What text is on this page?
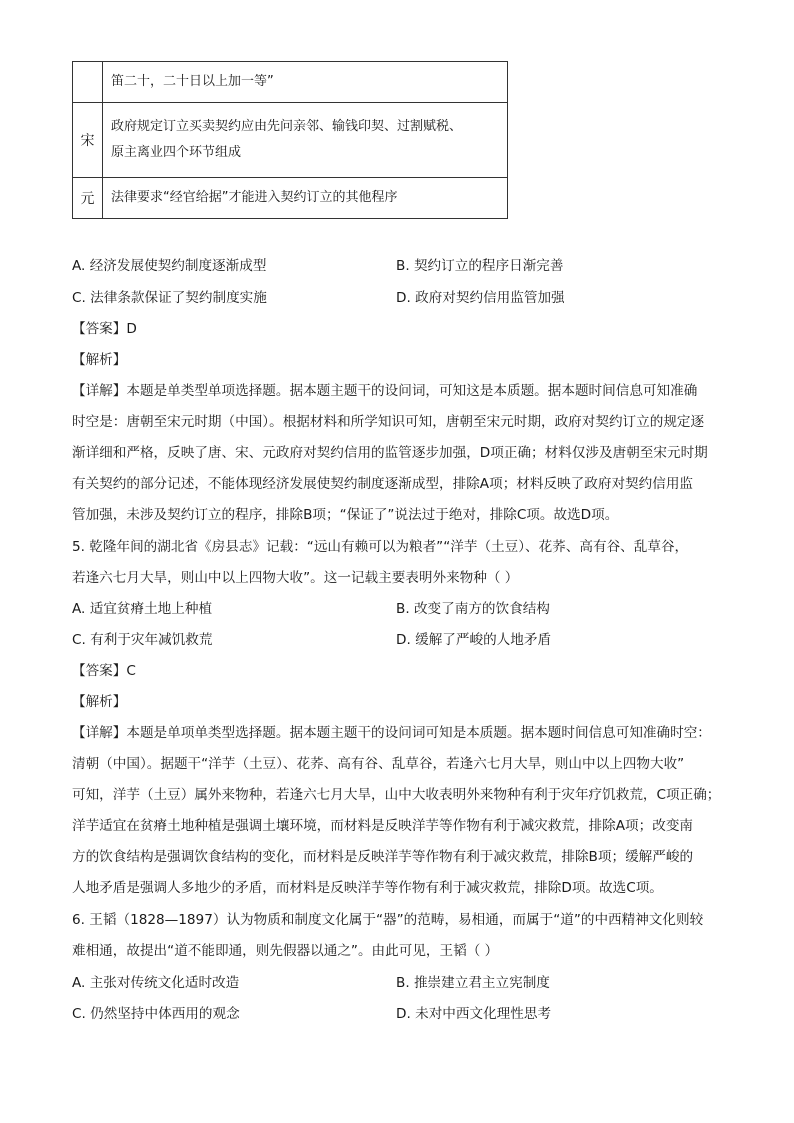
	笛二十，二十日以上加一等”

宋	政府规定订立买卖契约应由先问亲邻、输钱印契、过割赋税、
原主离业四个环节组成

元	法律要求“经官给据”才能进入契约订立的其他程序
A. 经济发展使契约制度逐渐成型	B. 契约订立的程序日渐完善
C. 法律条款保证了契约制度实施	D. 政府对契约信用监管加强
【答案】D
【解析】
【详解】本题是单类型单项选择题。据本题主题干的设问词，可知这是本质题。据本题时间信息可知准确
时空是：唐朝至宋元时期（中国）。根据材料和所学知识可知，唐朝至宋元时期，政府对契约订立的规定逐
渐详细和严格，反映了唐、宋、元政府对契约信用的监管逐步加强，D项正确；材料仅涉及唐朝至宋元时期
有关契约的部分记述，不能体现经济发展使契约制度逐渐成型，排除A项；材料反映了政府对契约信用监
管加强，未涉及契约订立的程序，排除B项；“保证了”说法过于绝对，排除C项。故选D项。
5. 乾隆年间的湖北省《房县志》记载：“远山有赖可以为粮者”“洋芋（土豆）、花荞、高有谷、乱草谷，
若逢六七月大旱，则山中以上四物大收”。这一记载主要表明外来物种（ ）
A. 适宜贫瘠土地上种植	B. 改变了南方的饮食结构
C. 有利于灾年减饥救荒	D. 缓解了严峻的人地矛盾
【答案】C
【解析】
【详解】本题是单项单类型选择题。据本题主题干的设问词可知是本质题。据本题时间信息可知准确时空：
清朝（中国）。据题干“洋芋（土豆）、花荞、高有谷、乱草谷，若逢六七月大旱，则山中以上四物大收”
可知，洋芋（土豆）属外来物种，若逢六七月大旱，山中大收表明外来物种有利于灾年疗饥救荒，C项正确；
洋芋适宜在贫瘠土地种植是强调土壤环境，而材料是反映洋芋等作物有利于减灾救荒，排除A项；改变南
方的饮食结构是强调饮食结构的变化，而材料是反映洋芋等作物有利于减灾救荒，排除B项；缓解严峻的
人地矛盾是强调人多地少的矛盾，而材料是反映洋芋等作物有利于减灾救荒，排除D项。故选C项。
6. 王韬（1828—1897）认为物质和制度文化属于“器”的范畴，易相通，而属于“道”的中西精神文化则较
难相通，故提出“道不能即通，则先假器以通之”。由此可见，王韬（ ）
A. 主张对传统文化适时改造	B. 推崇建立君主立宪制度
C. 仍然坚持中体西用的观念	D. 未对中西文化理性思考
